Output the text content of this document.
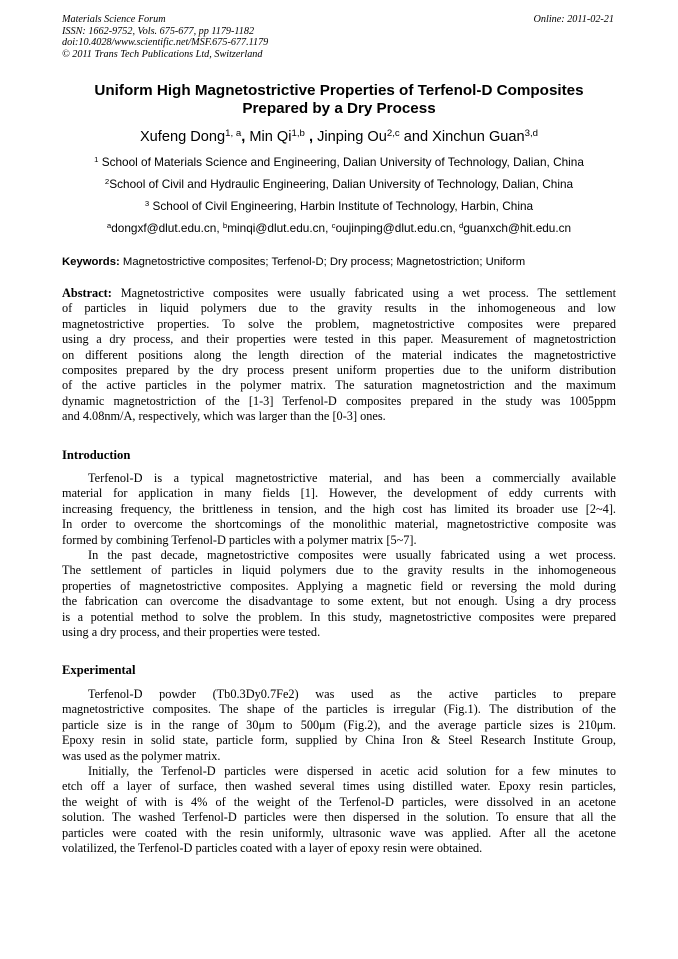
Materials Science Forum
ISSN: 1662-9752, Vols. 675-677, pp 1179-1182
doi:10.4028/www.scientific.net/MSF.675-677.1179
© 2011 Trans Tech Publications Ltd, Switzerland
Online: 2011-02-21
Uniform High Magnetostrictive Properties of Terfenol-D Composites
Prepared by a Dry Process
Xufeng Dong$^{1, a}$, Min Qi$^{1,b}$ , Jinping Ou$^{2,c}$ and Xinchun Guan$^{3,d}$
$^1$ School of Materials Science and Engineering, Dalian University of Technology, Dalian, China
$^2$School of Civil and Hydraulic Engineering, Dalian University of Technology, Dalian, China
$^3$ School of Civil Engineering, Harbin Institute of Technology, Harbin, China
$^a$dongxf@dlut.edu.cn, $^b$minqi@dlut.edu.cn, $^c$oujinping@dlut.edu.cn, $^d$guanxch@hit.edu.cn
Keywords: Magnetostrictive composites; Terfenol-D; Dry process; Magnetostriction; Uniform
Abstract: Magnetostrictive composites were usually fabricated using a wet process. The settlement
of particles in liquid polymers due to the gravity results in the inhomogeneous and low
magnetostrictive properties. To solve the problem, magnetostrictive composites were prepared
using a dry process, and their properties were tested in this paper. Measurement of magnetostriction
on different positions along the length direction of the material indicates the magnetostrictive
composites prepared by the dry process present uniform properties due to the uniform distribution
of the active particles in the polymer matrix. The saturation magnetostriction and the maximum
dynamic magnetostriction of the [1-3] Terfenol-D composites prepared in the study was 1005ppm
and 4.08nm/A, respectively, which was larger than the [0-3] ones.
Introduction
Terfenol-D is a typical magnetostrictive material, and has been a commercially available
material for application in many fields [1]. However, the development of eddy currents with
increasing frequency, the brittleness in tension, and the high cost has limited its broader use [2~4].
In order to overcome the shortcomings of the monolithic material, magnetostrictive composite was
formed by combining Terfenol-D particles with a polymer matrix [5~7].
In the past decade, magnetostrictive composites were usually fabricated using a wet process.
The settlement of particles in liquid polymers due to the gravity results in the inhomogeneous
properties of magnetostrictive composites. Applying a magnetic field or reversing the mold during
the fabrication can overcome the disadvantage to some extent, but not enough. Using a dry process
is a potential method to solve the problem. In this study, magnetostrictive composites were prepared
using a dry process, and their properties were tested.
Experimental
Terfenol-D powder (Tb0.3Dy0.7Fe2) was used as the active particles to prepare
magnetostrictive composites. The shape of the particles is irregular (Fig.1). The distribution of the
particle size is in the range of 30μm to 500μm (Fig.2), and the average particle sizes is 210μm.
Epoxy resin in solid state, particle form, supplied by China Iron & Steel Research Institute Group,
was used as the polymer matrix.
Initially, the Terfenol-D particles were dispersed in acetic acid solution for a few minutes to
etch off a layer of surface, then washed several times using distilled water. Epoxy resin particles,
the weight of with is 4% of the weight of the Terfenol-D particles, were dissolved in an acetone
solution. The washed Terfenol-D particles were then dispersed in the solution. To ensure that all the
particles were coated with the resin uniformly, ultrasonic wave was applied. After all the acetone
volatilized, the Terfenol-D particles coated with a layer of epoxy resin were obtained.
